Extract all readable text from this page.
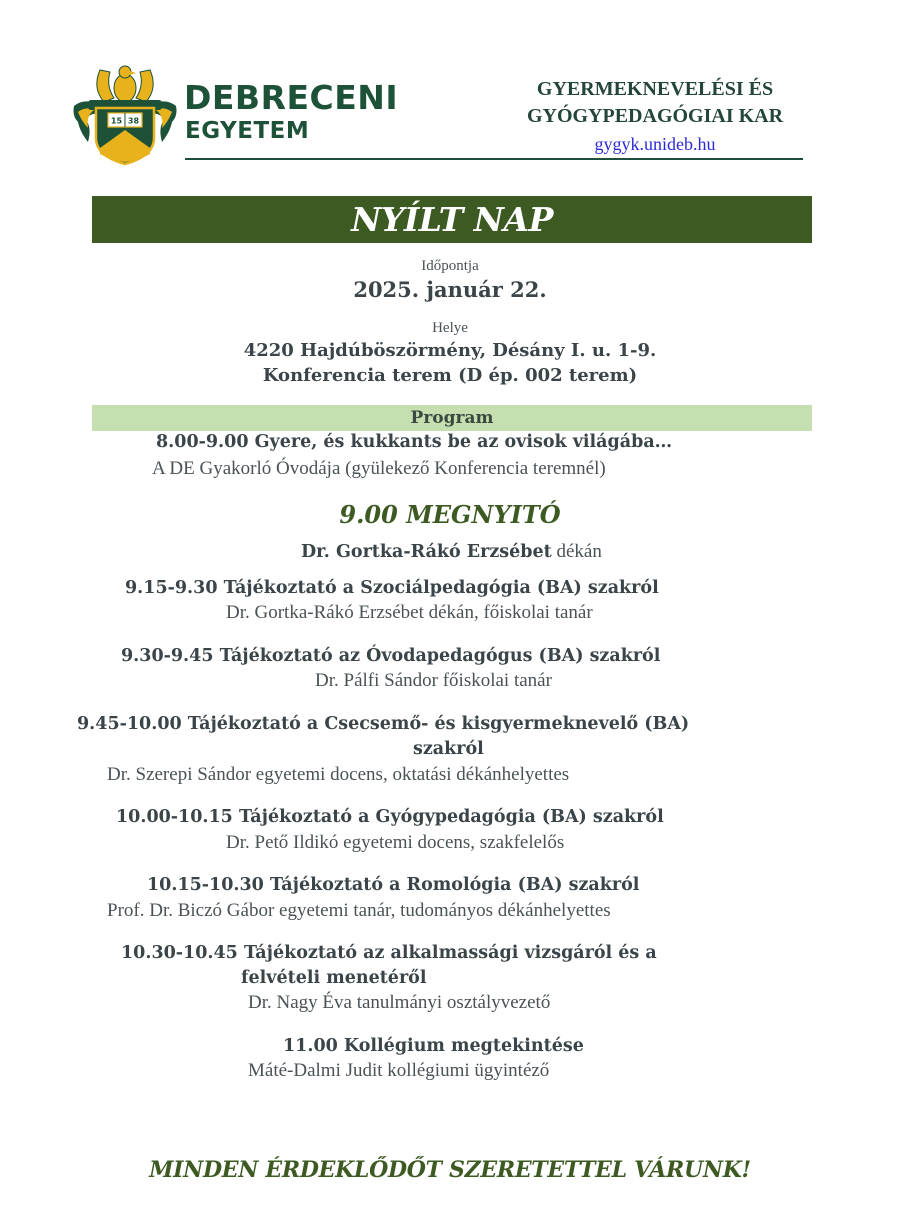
15 38
DEBRECENI
EGYETEM
GYERMEKNEVELÉSI ÉS
GYÓGYPEDAGÓGIAI KAR
gygyk.unideb.hu
NYÍLT NAP
Időpontja
2025. január 22.
Helye
4220 Hajdúböszörmény, Désány I. u. 1-9.
Konferencia terem (D ép. 002 terem)
Program
8.00-9.00 Gyere, és kukkants be az ovisok világába…
A DE Gyakorló Óvodája (gyülekező Konferencia teremnél)
9.00 MEGNYITÓ
Dr. Gortka-Rákó Erzsébet dékán
9.15-9.30 Tájékoztató a Szociálpedagógia (BA) szakról
Dr. Gortka-Rákó Erzsébet dékán, főiskolai tanár
9.30-9.45 Tájékoztató az Óvodapedagógus (BA) szakról
Dr. Pálfi Sándor főiskolai tanár
9.45-10.00 Tájékoztató a Csecsemő- és kisgyermeknevelő (BA)
szakról
Dr. Szerepi Sándor egyetemi docens, oktatási dékánhelyettes
10.00-10.15 Tájékoztató a Gyógypedagógia (BA) szakról
Dr. Pető Ildikó egyetemi docens, szakfelelős
10.15-10.30 Tájékoztató a Romológia (BA) szakról
Prof. Dr. Biczó Gábor egyetemi tanár, tudományos dékánhelyettes
10.30-10.45 Tájékoztató az alkalmassági vizsgáról és a
felvételi menetéről
Dr. Nagy Éva tanulmányi osztályvezető
11.00 Kollégium megtekintése
Máté-Dalmi Judit kollégiumi ügyintéző
MINDEN ÉRDEKLŐDŐT SZERETETTEL VÁRUNK!
